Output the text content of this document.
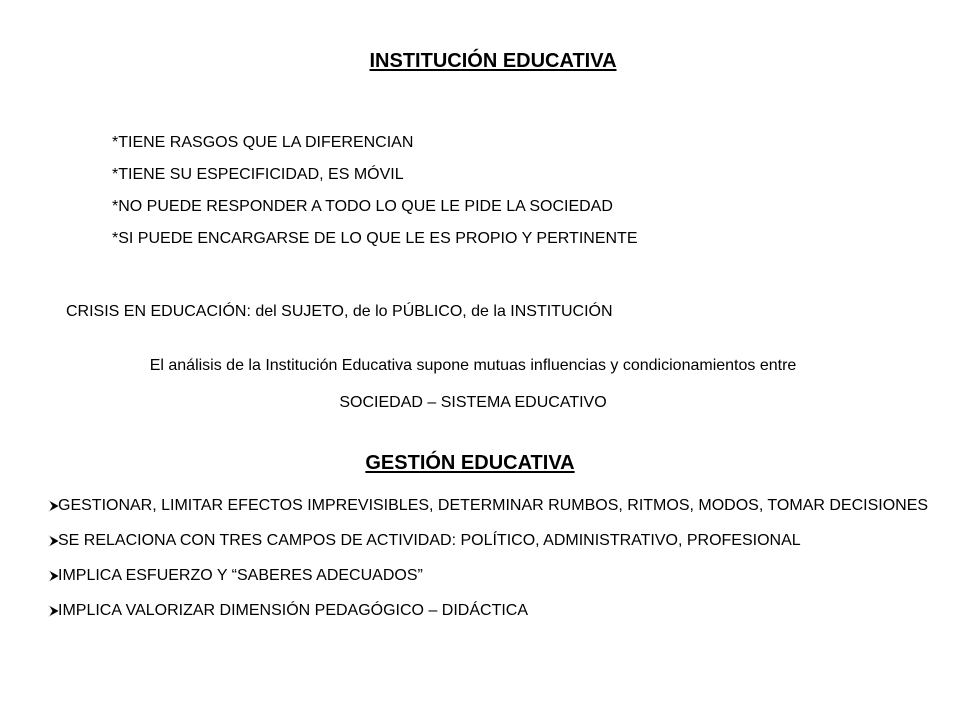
INSTITUCIÓN EDUCATIVA
*TIENE RASGOS QUE LA DIFERENCIAN
*TIENE SU ESPECIFICIDAD, ES MÓVIL
*NO PUEDE RESPONDER A TODO LO QUE LE PIDE LA SOCIEDAD
*SI PUEDE ENCARGARSE DE LO QUE LE ES PROPIO Y PERTINENTE
CRISIS EN EDUCACIÓN: del SUJETO, de lo PÚBLICO, de la INSTITUCIÓN
El análisis de la Institución Educativa supone mutuas influencias y condicionamientos entre
SOCIEDAD – SISTEMA EDUCATIVO
GESTIÓN EDUCATIVA
GESTIONAR, LIMITAR EFECTOS IMPREVISIBLES, DETERMINAR RUMBOS, RITMOS, MODOS, TOMAR DECISIONES
SE RELACIONA CON TRES CAMPOS DE ACTIVIDAD: POLÍTICO, ADMINISTRATIVO, PROFESIONAL
IMPLICA ESFUERZO Y “SABERES ADECUADOS”
IMPLICA VALORIZAR DIMENSIÓN PEDAGÓGICO – DIDÁCTICA
